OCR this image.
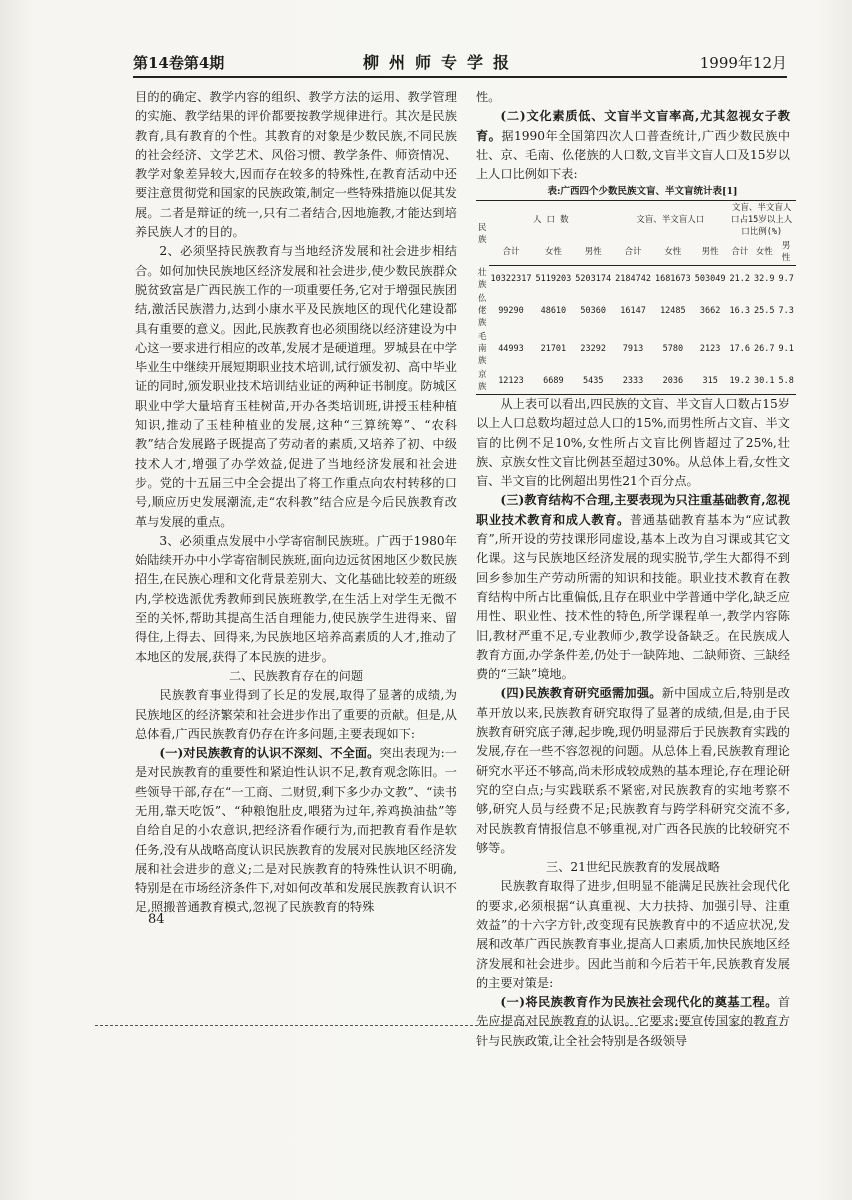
第14卷第4期	柳州师专学报	1999年12月

目的的确定、教学内容的组织、教学方法的运用、教学管理的实施、教学结果的评价都要按教学规律进行。其次是民族教育,具有教育的个性。其教育的对象是少数民族,不同民族的社会经济、文学艺术、风俗习惯、教学条件、师资情况、教学对象差异较大,因而存在较多的特殊性,在教育活动中还要注意贯彻党和国家的民族政策,制定一些特殊措施以促其发展。二者是辩证的统一,只有二者结合,因地施教,才能达到培养民族人才的目的。

2、必须坚持民族教育与当地经济发展和社会进步相结合。如何加快民族地区经济发展和社会进步,使少数民族群众脱贫致富是广西民族工作的一项重要任务,它对于增强民族团结,激活民族潜力,达到小康水平及民族地区的现代化建设都具有重要的意义。因此,民族教育也必须围绕以经济建设为中心这一要求进行相应的改革,发展才是硬道理。罗城县在中学毕业生中继续开展短期职业技术培训,试行颁发初、高中毕业证的同时,颁发职业技术培训结业证的两种证书制度。防城区职业中学大量培育玉桂树苗,开办各类培训班,讲授玉桂种植知识,推动了玉桂种植业的发展,这种“三算统筹”、“农科教”结合发展路子既提高了劳动者的素质,又培养了初、中级技术人才,增强了办学效益,促进了当地经济发展和社会进步。党的十五届三中全会提出了将工作重点向农村转移的口号,顺应历史发展潮流,走“农科教”结合应是今后民族教育改革与发展的重点。

3、必须重点发展中小学寄宿制民族班。广西于1980年始陆续开办中小学寄宿制民族班,面向边远贫困地区少数民族招生,在民族心理和文化背景差别大、文化基础比较差的班级内,学校选派优秀教师到民族班教学,在生活上对学生无微不至的关怀,帮助其提高生活自理能力,使民族学生进得来、留得住,上得去、回得来,为民族地区培养高素质的人才,推动了本地区的发展,获得了本民族的进步。

二、民族教育存在的问题

民族教育事业得到了长足的发展,取得了显著的成绩,为民族地区的经济繁荣和社会进步作出了重要的贡献。但是,从总体看,广西民族教育仍存在许多问题,主要表现如下:

(一)对民族教育的认识不深刻、不全面。突出表现为:一是对民族教育的重要性和紧迫性认识不足,教育观念陈旧。一些领导干部,存在“一工商、二财贸,剩下多少办文教”、“读书无用,靠天吃饭”、“种粮饱肚皮,喂猪为过年,养鸡换油盐”等自给自足的小农意识,把经济看作硬行为,而把教育看作是软任务,没有从战略高度认识民族教育的发展对民族地区经济发展和社会进步的意义;二是对民族教育的特殊性认识不明确,特别是在市场经济条件下,对如何改革和发展民族教育认识不足,照搬普通教育模式,忽视了民族教育的特殊

性。

(二)文化素质低、文盲半文盲率高,尤其忽视女子教育。据1990年全国第四次人口普查统计,广西少数民族中壮、京、毛南、仫佬族的人口数,文盲半文盲人口及15岁以上人口比例如下表:

表:广西四个少数民族文盲、半文盲统计表[1]

民 族	人 口 数			文盲、半文盲人口			文盲、半文盲人口占15岁以上人口比例(%)		
	合计	女性	男性	合计	女性	男性	合计	女性	男性
壮 族	10322317	5119203	5203174	2184742	1681673	503049	21.2	32.9	9.7
仫佬族	99290	48610	50360	16147	12485	3662	16.3	25.5	7.3
毛南族	44993	21701	23292	7913	5780	2123	17.6	26.7	9.1
京 族	12123	6689	5435	2333	2036	315	19.2	30.1	5.8

从上表可以看出,四民族的文盲、半文盲人口数占15岁以上人口总数均超过总人口的15%,而男性所占文盲、半文盲的比例不足10%,女性所占文盲比例皆超过了25%,壮族、京族女性文盲比例甚至超过30%。从总体上看,女性文盲、半文盲的比例超出男性21个百分点。

(三)教育结构不合理,主要表现为只注重基础教育,忽视职业技术教育和成人教育。普通基础教育基本为“应试教育”,所开设的劳技课形同虚设,基本上改为自习课或其它文化课。这与民族地区经济发展的现实脱节,学生大都得不到回乡参加生产劳动所需的知识和技能。职业技术教育在教育结构中所占比重偏低,且存在职业中学普通中学化,缺乏应用性、职业性、技术性的特色,所学课程单一,教学内容陈旧,教材严重不足,专业教师少,教学设备缺乏。在民族成人教育方面,办学条件差,仍处于一缺阵地、二缺师资、三缺经费的“三缺”境地。

(四)民族教育研究亟需加强。新中国成立后,特别是改革开放以来,民族教育研究取得了显著的成绩,但是,由于民族教育研究底子薄,起步晚,现仍明显滞后于民族教育实践的发展,存在一些不容忽视的问题。从总体上看,民族教育理论研究水平还不够高,尚未形成较成熟的基本理论,存在理论研究的空白点;与实践联系不紧密,对民族教育的实地考察不够,研究人员与经费不足;民族教育与跨学科研究交流不多,对民族教育情报信息不够重视,对广西各民族的比较研究不够等。

三、21世纪民族教育的发展战略

民族教育取得了进步,但明显不能满足民族社会现代化的要求,必须根据“认真重视、大力扶持、加强引导、注重效益”的十六字方针,改变现有民族教育中的不适应状况,发展和改革广西民族教育事业,提高人口素质,加快民族地区经济发展和社会进步。因此当前和今后若干年,民族教育发展的主要对策是:

(一)将民族教育作为民族社会现代化的奠基工程。首先应提高对民族教育的认识。它要求:要宣传国家的教育方针与民族政策,让全社会特别是各级领导

84
